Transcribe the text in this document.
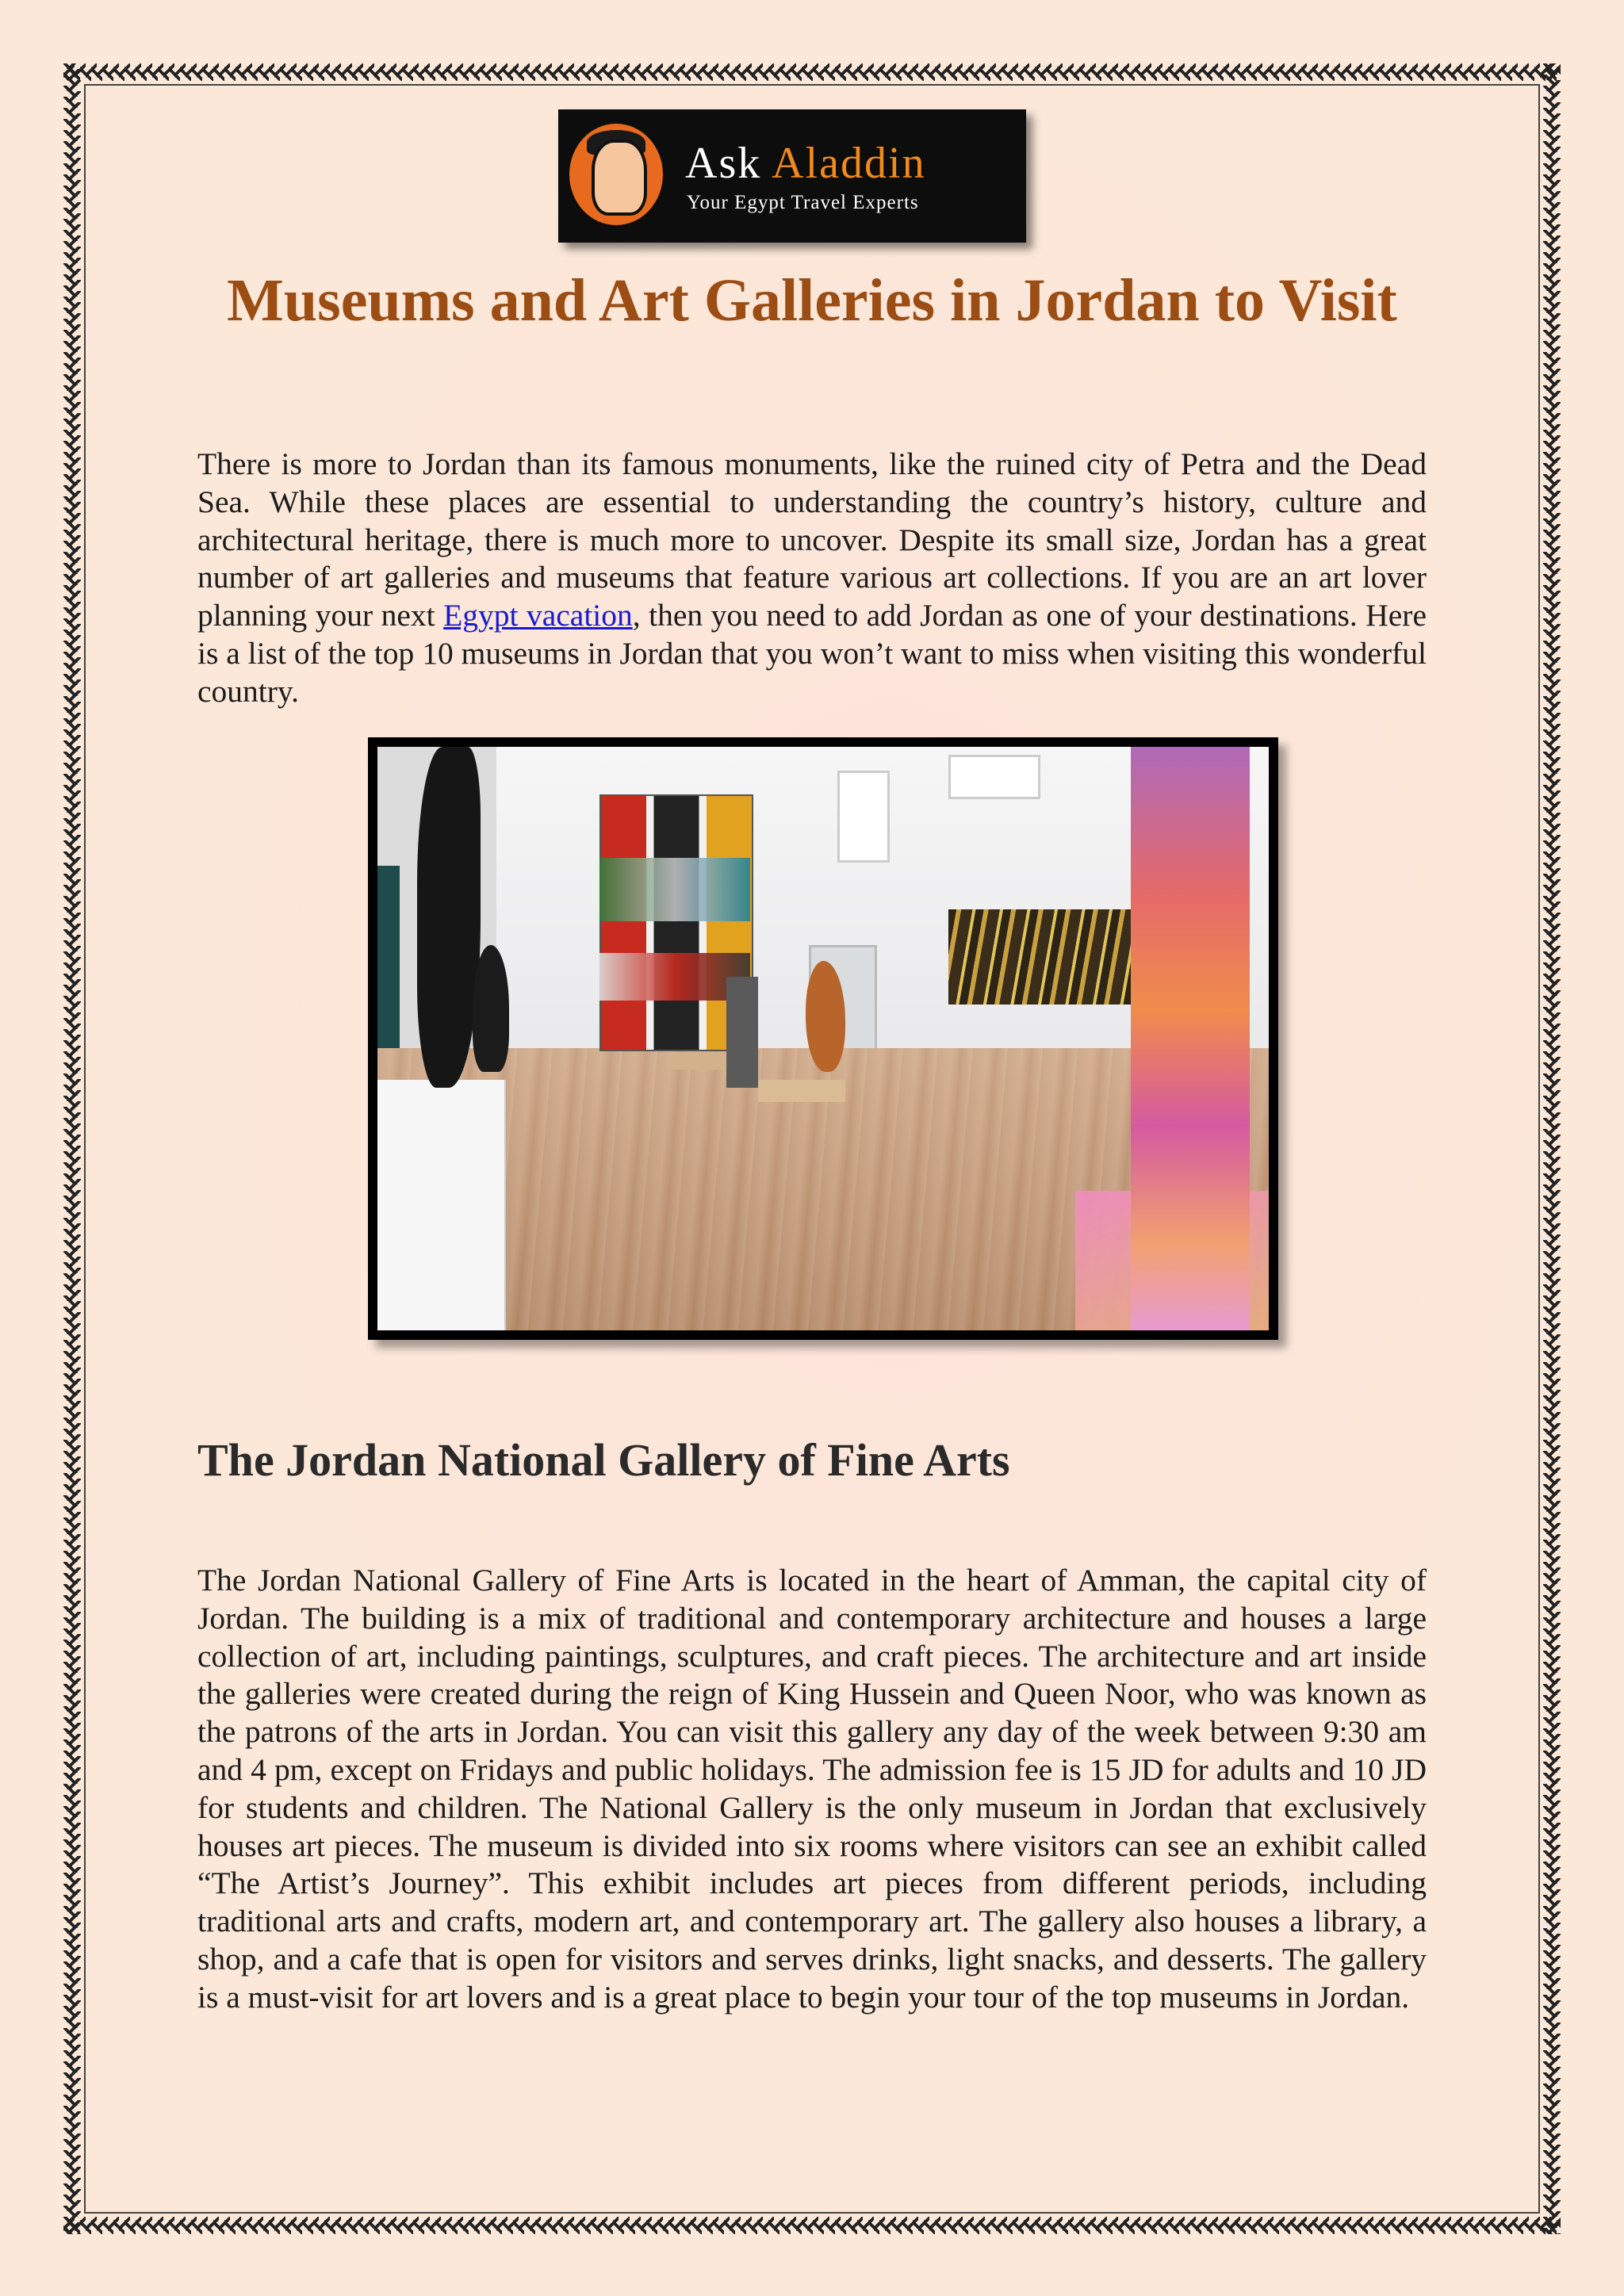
Ask Aladdin
Your Egypt Travel Experts
Museums and Art Galleries in Jordan to Visit

There is more to Jordan than its famous monuments, like the ruined city of Petra and the Dead Sea. While these places are essential to understanding the country’s history, culture and architectural heritage, there is much more to uncover. Despite its small size, Jordan has a great number of art galleries and museums that feature various art collections. If you are an art lover planning your next Egypt vacation, then you need to add Jordan as one of your destinations. Here is a list of the top 10 museums in Jordan that you won’t want to miss when visiting this wonderful country.

The Jordan National Gallery of Fine Arts

The Jordan National Gallery of Fine Arts is located in the heart of Amman, the capital city of Jordan. The building is a mix of traditional and contemporary architecture and houses a large collection of art, including paintings, sculptures, and craft pieces. The architecture and art inside the galleries were created during the reign of King Hussein and Queen Noor, who was known as the patrons of the arts in Jordan. You can visit this gallery any day of the week between 9:30 am and 4 pm, except on Fridays and public holidays. The admission fee is 15 JD for adults and 10 JD for students and children. The National Gallery is the only museum in Jordan that exclusively houses art pieces. The museum is divided into six rooms where visitors can see an exhibit called “The Artist’s Journey”. This exhibit includes art pieces from different periods, including traditional arts and crafts, modern art, and contemporary art. The gallery also houses a library, a shop, and a cafe that is open for visitors and serves drinks, light snacks, and desserts. The gallery is a must-visit for art lovers and is a great place to begin your tour of the top museums in Jordan.
